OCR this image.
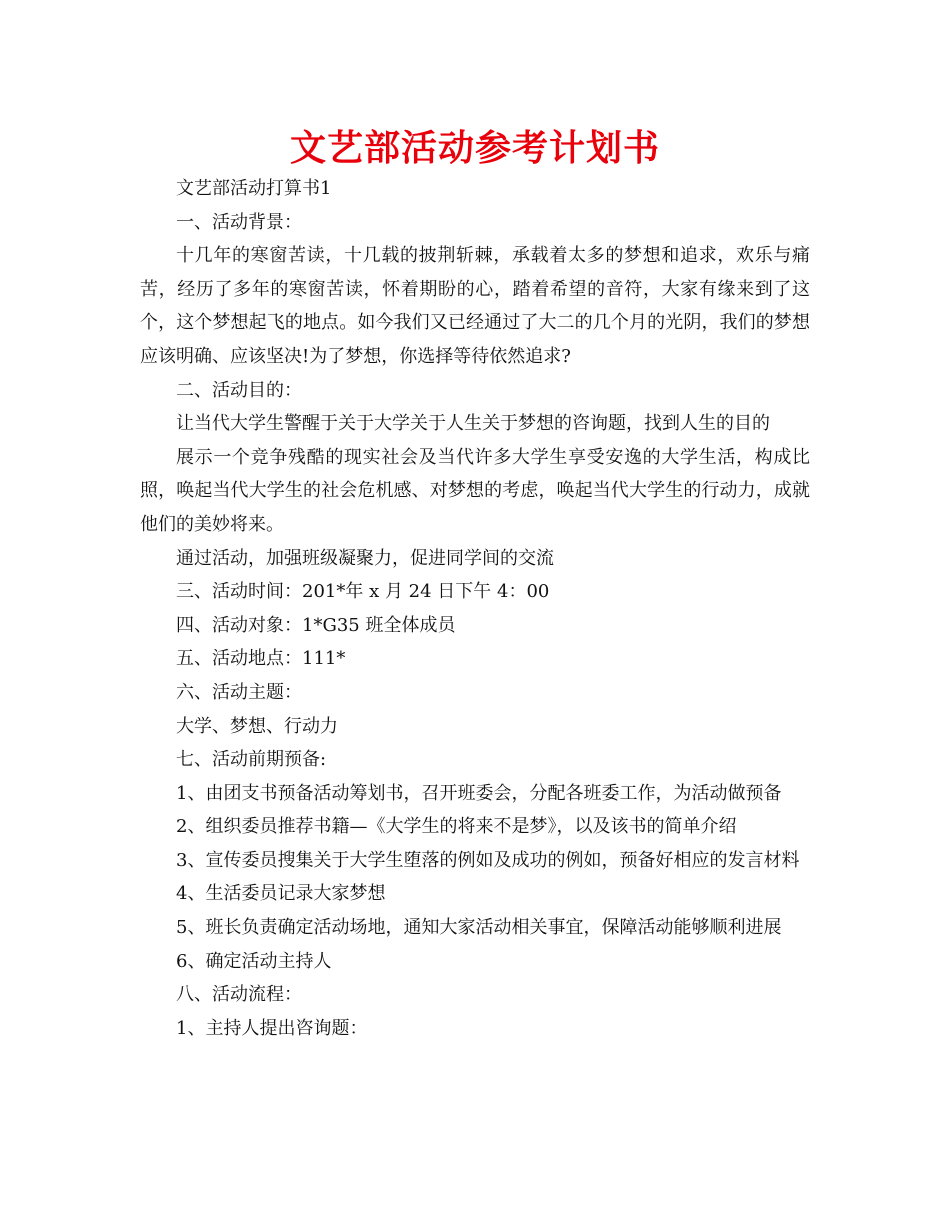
文艺部活动参考计划书

文艺部活动打算书1

一、活动背景：

十几年的寒窗苦读，十几载的披荆斩棘，承载着太多的梦想和追求，欢乐与痛苦，经历了多年的寒窗苦读，怀着期盼的心，踏着希望的音符，大家有缘来到了这个，这个梦想起飞的地点。如今我们又已经通过了大二的几个月的光阴，我们的梦想应该明确、应该坚决!为了梦想，你选择等待依然追求?

二、活动目的：

让当代大学生警醒于关于大学关于人生关于梦想的咨询题，找到人生的目的

展示一个竞争残酷的现实社会及当代许多大学生享受安逸的大学生活，构成比照，唤起当代大学生的社会危机感、对梦想的考虑，唤起当代大学生的行动力，成就他们的美妙将来。

通过活动，加强班级凝聚力，促进同学间的交流

三、活动时间：201*年 x 月 24 日下午 4：00

四、活动对象：1*G35 班全体成员

五、活动地点：111*

六、活动主题：

大学、梦想、行动力

七、活动前期预备:

1、由团支书预备活动筹划书，召开班委会，分配各班委工作，为活动做预备

2、组织委员推荐书籍—《大学生的将来不是梦》，以及该书的简单介绍

3、宣传委员搜集关于大学生堕落的例如及成功的例如，预备好相应的发言材料

4、生活委员记录大家梦想

5、班长负责确定活动场地，通知大家活动相关事宜，保障活动能够顺利进展

6、确定活动主持人

八、活动流程：

1、主持人提出咨询题：
